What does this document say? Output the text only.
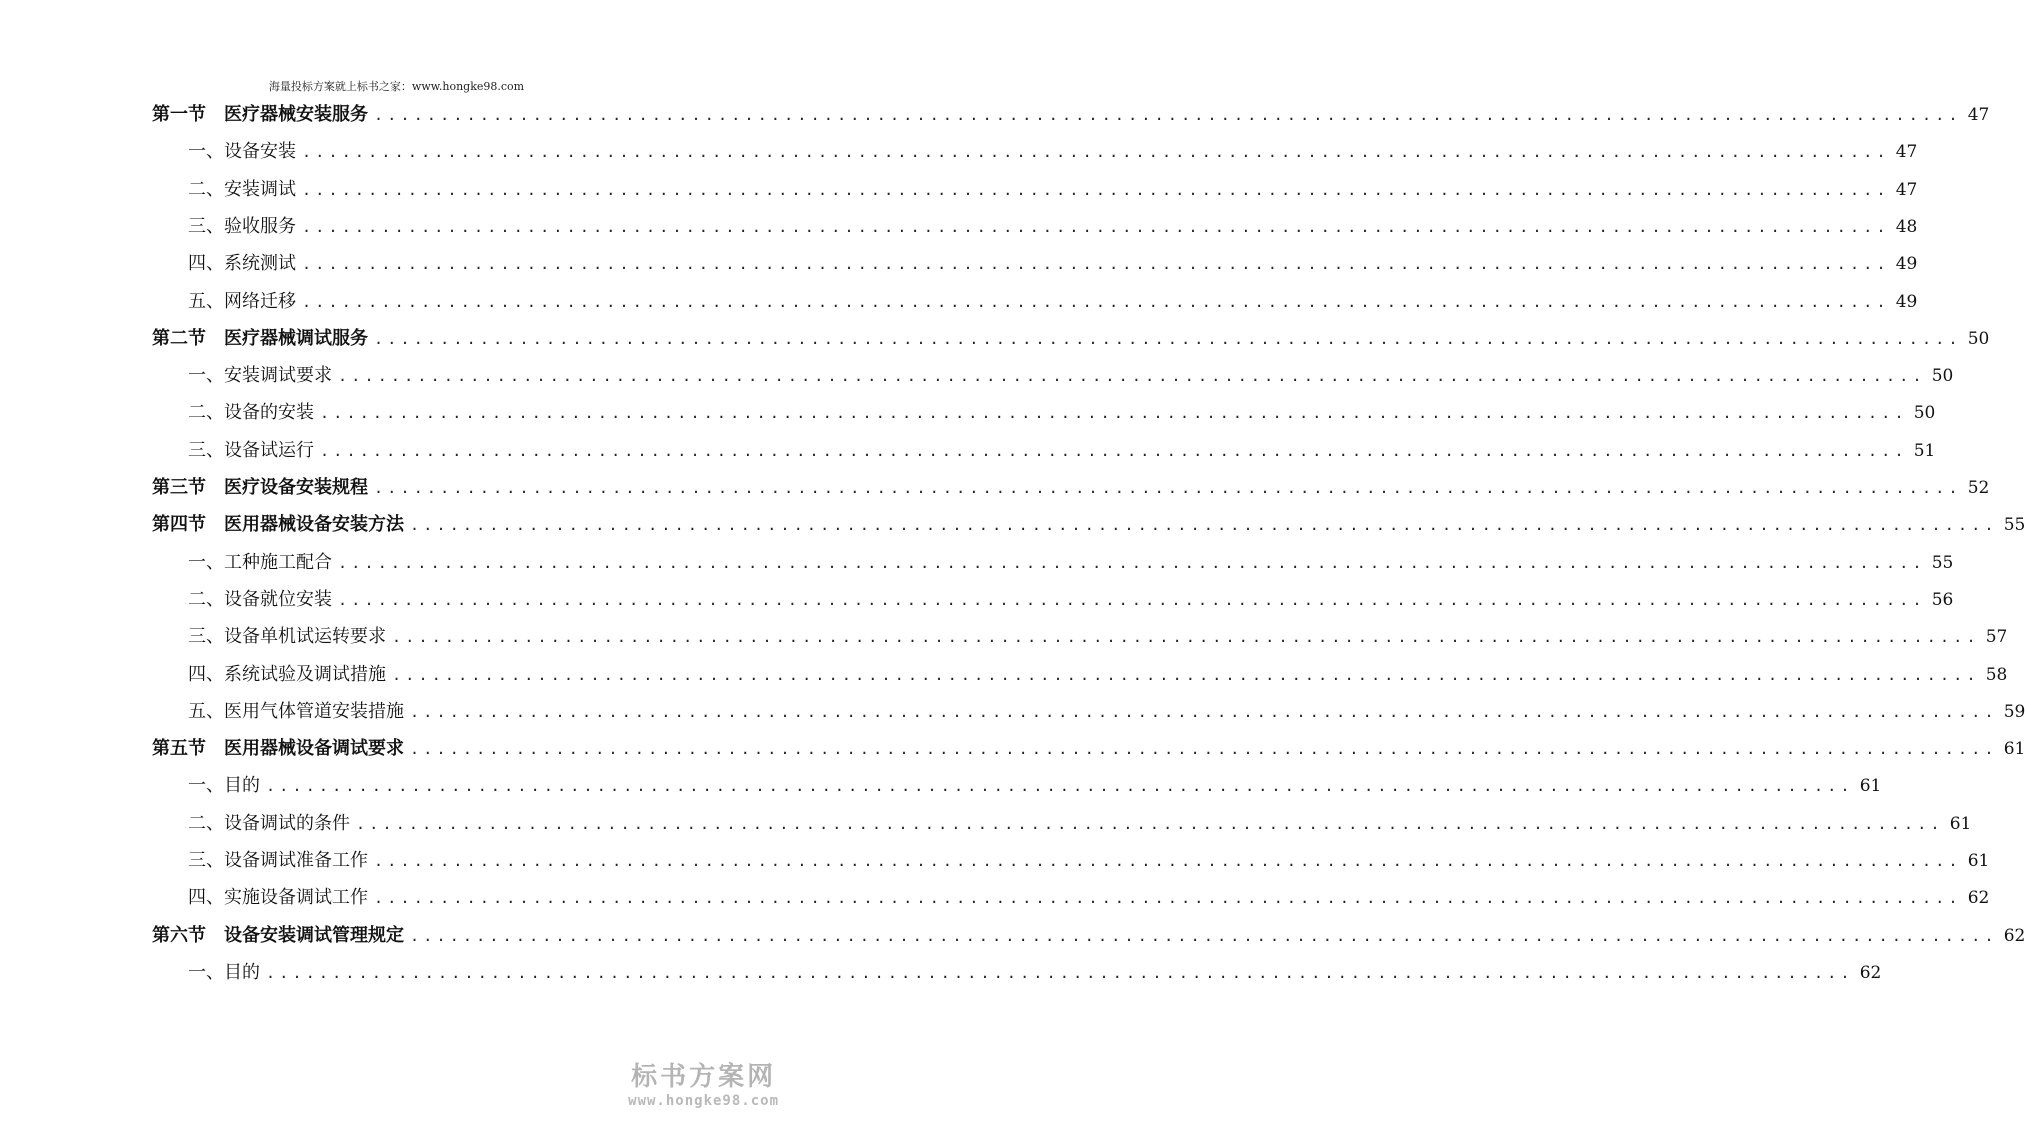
海量投标方案就上标书之家：www.hongke98.com
第一节 医疗器械安装服务 ........................................................................................................................ 47
一、设备安装 ........................................................................................................................ 47
二、安装调试 ........................................................................................................................ 47
三、验收服务 ........................................................................................................................ 48
四、系统测试 ........................................................................................................................ 49
五、网络迁移 ........................................................................................................................ 49
第二节 医疗器械调试服务 ........................................................................................................................ 50
一、安装调试要求 ........................................................................................................................ 50
二、设备的安装 ........................................................................................................................ 50
三、设备试运行 ........................................................................................................................ 51
第三节 医疗设备安装规程 ........................................................................................................................ 52
第四节 医用器械设备安装方法 ........................................................................................................................ 55
一、工种施工配合 ........................................................................................................................ 55
二、设备就位安装 ........................................................................................................................ 56
三、设备单机试运转要求 ........................................................................................................................ 57
四、系统试验及调试措施 ........................................................................................................................ 58
五、医用气体管道安装措施 ........................................................................................................................ 59
第五节 医用器械设备调试要求 ........................................................................................................................ 61
一、目的 ........................................................................................................................ 61
二、设备调试的条件 ........................................................................................................................ 61
三、设备调试准备工作 ........................................................................................................................ 61
四、实施设备调试工作 ........................................................................................................................ 62
第六节 设备安装调试管理规定 ........................................................................................................................ 62
一、目的 ........................................................................................................................ 62
标书方案网
www.hongke98.com
